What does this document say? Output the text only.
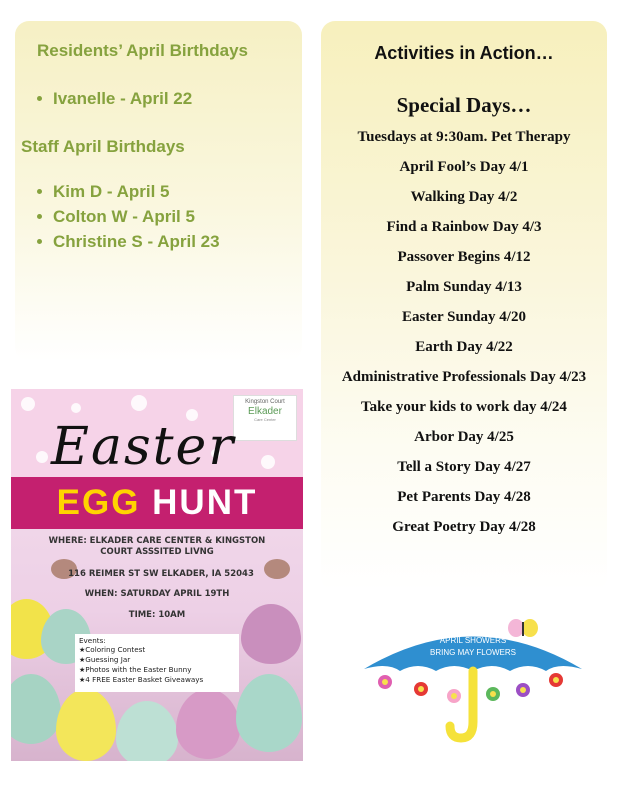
Residents’ April Birthdays
Ivanelle - April 22
Staff April Birthdays
Kim D - April 5
Colton W - April 5
Christine S - April 23
Activities in Action…
Special Days…
Tuesdays at 9:30am. Pet Therapy
April Fool’s Day 4/1
Walking Day 4/2
Find a Rainbow Day 4/3
Passover Begins 4/12
Palm Sunday 4/13
Easter Sunday 4/20
Earth Day 4/22
Administrative Professionals Day 4/23
Take your kids to work day 4/24
Arbor Day 4/25
Tell a Story Day 4/27
Pet Parents Day 4/28
Great Poetry Day 4/28
Kingston Court
Elkader
Care Center
Easter
EGG HUNT
WHERE: ELKADER CARE CENTER & KINGSTON COURT ASSSITED LIVNG
116 REIMER ST SW ELKADER, IA 52043
WHEN: SATURDAY APRIL 19TH
TIME: 10AM
Events:
★ Coloring Contest
★ Guessing Jar
★ Photos with the Easter Bunny
★ 4 FREE Easter Basket Giveaways
APRIL SHOWERS
BRING MAY FLOWERS
